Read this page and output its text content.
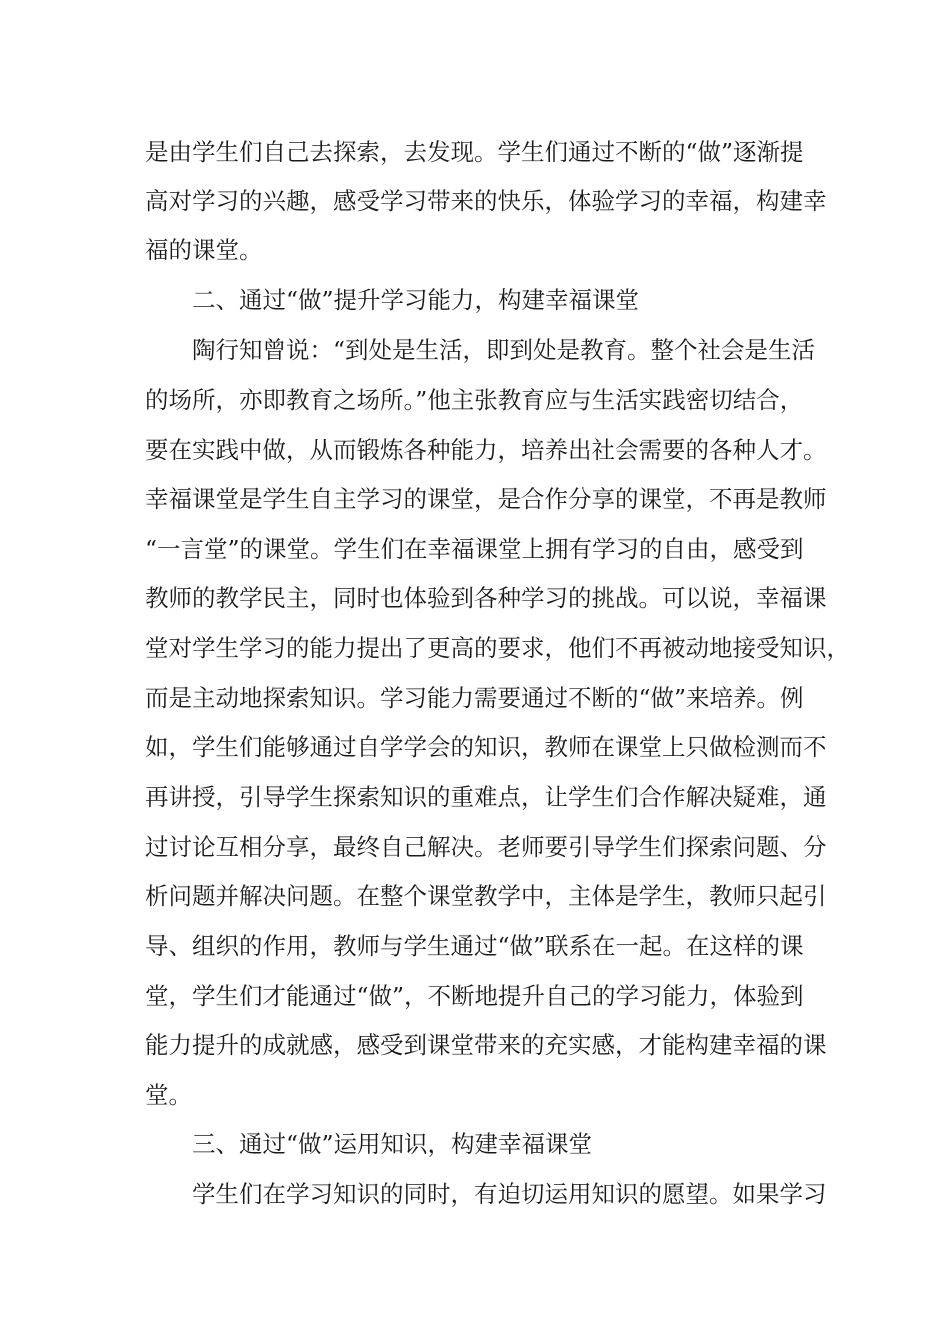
是由学生们自己去探索，去发现。学生们通过不断的“做”逐渐提
高对学习的兴趣，感受学习带来的快乐，体验学习的幸福，构建幸
福的课堂。
二、通过“做”提升学习能力，构建幸福课堂
陶行知曾说：“到处是生活，即到处是教育。整个社会是生活
的场所，亦即教育之场所。”他主张教育应与生活实践密切结合，
要在实践中做，从而锻炼各种能力，培养出社会需要的各种人才。
幸福课堂是学生自主学习的课堂，是合作分享的课堂，不再是教师
“一言堂”的课堂。学生们在幸福课堂上拥有学习的自由，感受到
教师的教学民主，同时也体验到各种学习的挑战。可以说，幸福课
堂对学生学习的能力提出了更高的要求，他们不再被动地接受知识，
而是主动地探索知识。学习能力需要通过不断的“做”来培养。例
如，学生们能够通过自学学会的知识，教师在课堂上只做检测而不
再讲授，引导学生探索知识的重难点，让学生们合作解决疑难，通
过讨论互相分享，最终自己解决。老师要引导学生们探索问题、分
析问题并解决问题。在整个课堂教学中，主体是学生，教师只起引
导、组织的作用，教师与学生通过“做”联系在一起。在这样的课
堂，学生们才能通过“做”，不断地提升自己的学习能力，体验到
能力提升的成就感，感受到课堂带来的充实感，才能构建幸福的课
堂。
三、通过“做”运用知识，构建幸福课堂
学生们在学习知识的同时，有迫切运用知识的愿望。如果学习
